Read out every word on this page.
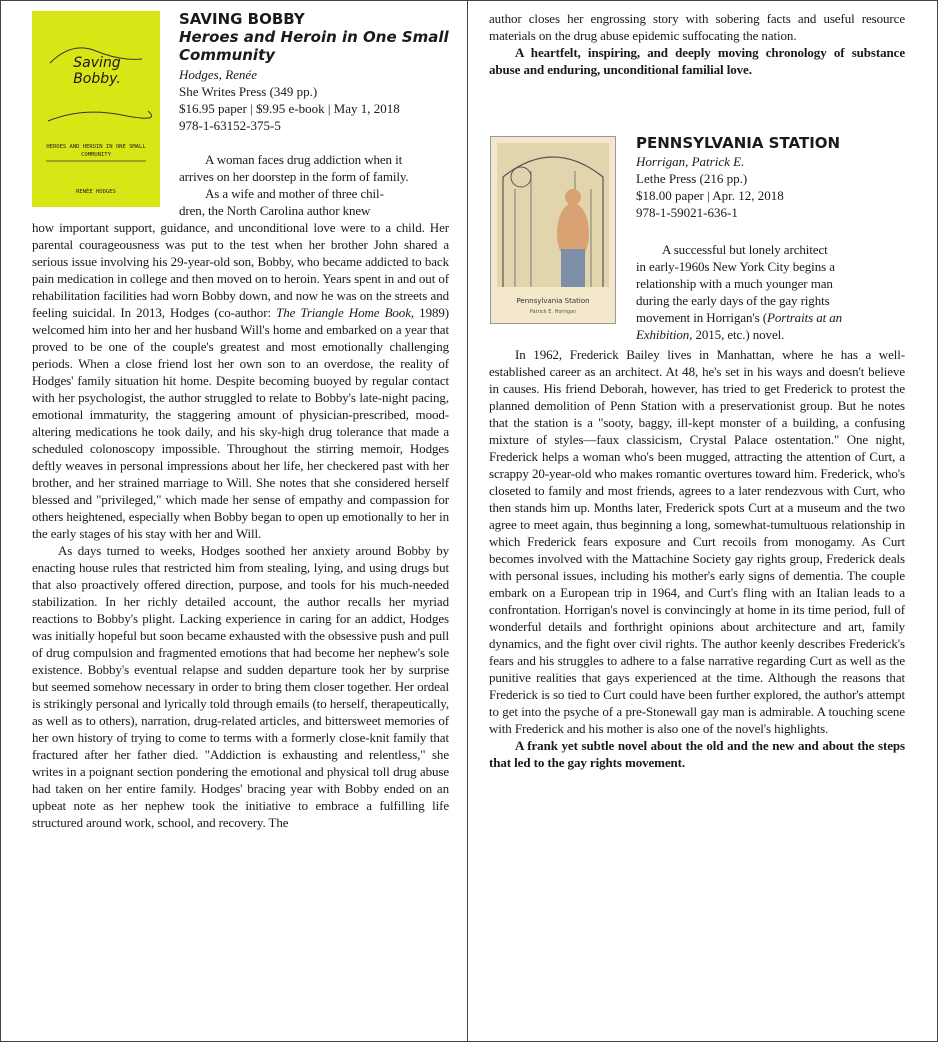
Saving Bobby.
HEROES AND HEROIN IN ONE SMALL COMMUNITY
RENÉE HODGES

SAVING BOBBY

Heroes and Heroin in One Small Community

Hodges, Renée

She Writes Press (349 pp.)

$16.95 paper | $9.95 e-book | May 1, 2018

978-1-63152-375-5

A woman faces drug addiction when it

arrives on her doorstep in the form of family.

As a wife and mother of three chil-

dren, the North Carolina author knew

how important support, guidance, and unconditional love were to a child. Her parental courageousness was put to the test when her brother John shared a serious issue involving his 29-year-old son, Bobby, who became addicted to back pain medication in college and then moved on to heroin. Years spent in and out of rehabilitation facilities had worn Bobby down, and now he was on the streets and feeling suicidal. In 2013, Hodges (co-author: The Triangle Home Book, 1989) welcomed him into her and her husband Will's home and embarked on a year that proved to be one of the couple's greatest and most emotionally challenging periods. When a close friend lost her own son to an overdose, the reality of Hodges' family situation hit home. Despite becoming buoyed by regular contact with her psychologist, the author struggled to relate to Bobby's late-night pacing, emotional immaturity, the staggering amount of physician-prescribed, mood-altering medications he took daily, and his sky-high drug tolerance that made a scheduled colonoscopy impossible. Throughout the stirring memoir, Hodges deftly weaves in personal impressions about her life, her checkered past with her brother, and her strained marriage to Will. She notes that she considered herself blessed and "privileged," which made her sense of empathy and compassion for others heightened, especially when Bobby began to open up emotionally to her in the early stages of his stay with her and Will.

As days turned to weeks, Hodges soothed her anxiety around Bobby by enacting house rules that restricted him from stealing, lying, and using drugs but that also proactively offered direction, purpose, and tools for his much-needed stabilization. In her richly detailed account, the author recalls her myriad reactions to Bobby's plight. Lacking experience in caring for an addict, Hodges was initially hopeful but soon became exhausted with the obsessive push and pull of drug compulsion and fragmented emotions that had become her nephew's sole existence. Bobby's eventual relapse and sudden departure took her by surprise but seemed somehow necessary in order to bring them closer together. Her ordeal is strikingly personal and lyrically told through emails (to herself, therapeutically, as well as to others), narration, drug-related articles, and bittersweet memories of her own history of trying to come to terms with a formerly close-knit family that fractured after her father died. "Addiction is exhausting and relentless," she writes in a poignant section pondering the emotional and physical toll drug abuse had taken on her entire family. Hodges' bracing year with Bobby ended on an upbeat note as her nephew took the initiative to embrace a fulfilling life structured around work, school, and recovery. The

author closes her engrossing story with sobering facts and useful resource materials on the drug abuse epidemic suffocating the nation.

A heartfelt, inspiring, and deeply moving chronology of substance abuse and enduring, unconditional familial love.

Pennsylvania Station
Patrick E. Horrigan

PENNSYLVANIA STATION

Horrigan, Patrick E.

Lethe Press (216 pp.)

$18.00 paper | Apr. 12, 2018

978-1-59021-636-1

A successful but lonely architect

in early-1960s New York City begins a

relationship with a much younger man

during the early days of the gay rights

movement in Horrigan's (Portraits at an

Exhibition, 2015, etc.) novel.

In 1962, Frederick Bailey lives in Manhattan, where he has a well-established career as an architect. At 48, he's set in his ways and doesn't believe in causes. His friend Deborah, however, has tried to get Frederick to protest the planned demolition of Penn Station with a preservationist group. But he notes that the station is a "sooty, baggy, ill-kept monster of a building, a confusing mixture of styles—faux classicism, Crystal Palace ostentation." One night, Frederick helps a woman who's been mugged, attracting the attention of Curt, a scrappy 20-year-old who makes romantic overtures toward him. Frederick, who's closeted to family and most friends, agrees to a later rendezvous with Curt, who then stands him up. Months later, Frederick spots Curt at a museum and the two agree to meet again, thus beginning a long, somewhat-tumultuous relationship in which Frederick fears exposure and Curt recoils from monogamy. As Curt becomes involved with the Mattachine Society gay rights group, Frederick deals with personal issues, including his mother's early signs of dementia. The couple embark on a European trip in 1964, and Curt's fling with an Italian leads to a confrontation. Horrigan's novel is convincingly at home in its time period, full of wonderful details and forthright opinions about architecture and art, family dynamics, and the fight over civil rights. The author keenly describes Frederick's fears and his struggles to adhere to a false narrative regarding Curt as well as the punitive realities that gays experienced at the time. Although the reasons that Frederick is so tied to Curt could have been further explored, the author's attempt to get into the psyche of a pre-Stonewall gay man is admirable. A touching scene with Frederick and his mother is also one of the novel's highlights.

A frank yet subtle novel about the old and the new and about the steps that led to the gay rights movement.
